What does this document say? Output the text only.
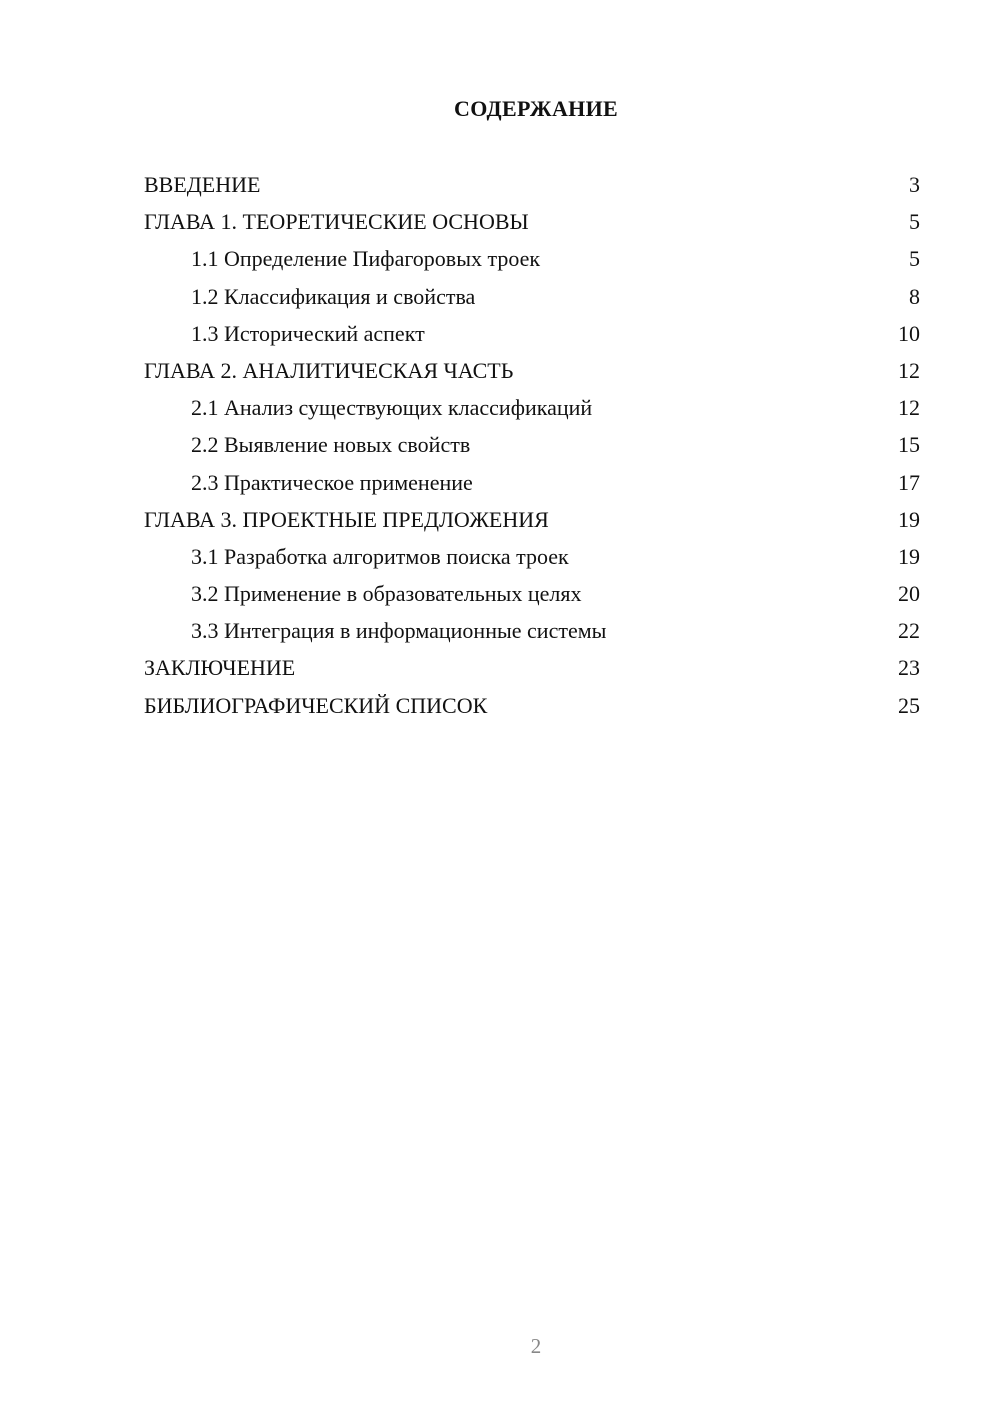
СОДЕРЖАНИЕ
ВВЕДЕНИЕ	3
ГЛАВА 1. ТЕОРЕТИЧЕСКИЕ ОСНОВЫ	5
1.1 Определение Пифагоровых троек	5
1.2 Классификация и свойства	8
1.3 Исторический аспект	10
ГЛАВА 2. АНАЛИТИЧЕСКАЯ ЧАСТЬ	12
2.1 Анализ существующих классификаций	12
2.2 Выявление новых свойств	15
2.3 Практическое применение	17
ГЛАВА 3. ПРОЕКТНЫЕ ПРЕДЛОЖЕНИЯ	19
3.1 Разработка алгоритмов поиска троек	19
3.2 Применение в образовательных целях	20
3.3 Интеграция в информационные системы	22
ЗАКЛЮЧЕНИЕ	23
БИБЛИОГРАФИЧЕСКИЙ СПИСОК	25
2
